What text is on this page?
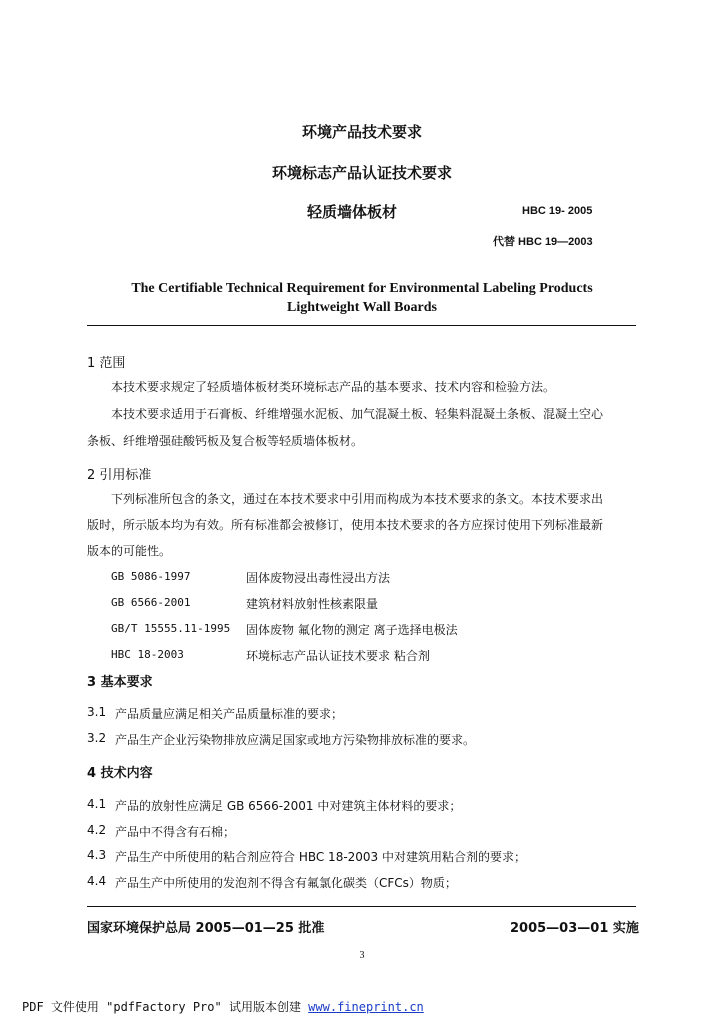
环境产品技术要求
环境标志产品认证技术要求
轻质墙体板材	HBC 19- 2005
代替 HBC 19—2003
The Certifiable Technical Requirement for Environmental Labeling Products
Lightweight Wall Boards
1 范围
本技术要求规定了轻质墙体板材类环境标志产品的基本要求、技术内容和检验方法。
本技术要求适用于石膏板、纤维增强水泥板、加气混凝土板、轻集料混凝土条板、混凝土空心
条板、纤维增强硅酸钙板及复合板等轻质墙体板材。
2 引用标准
下列标准所包含的条文，通过在本技术要求中引用而构成为本技术要求的条文。本技术要求出
版时，所示版本均为有效。所有标准都会被修订，使用本技术要求的各方应探讨使用下列标准最新
版本的可能性。
GB 5086-1997	固体废物浸出毒性浸出方法
GB 6566-2001	建筑材料放射性核素限量
GB/T 15555.11-1995 固体废物 氟化物的测定 离子选择电极法
HBC 18-2003	环境标志产品认证技术要求 粘合剂
3 基本要求
3.1 产品质量应满足相关产品质量标准的要求；
3.2 产品生产企业污染物排放应满足国家或地方污染物排放标准的要求。
4 技术内容
4.1 产品的放射性应满足 GB 6566-2001 中对建筑主体材料的要求；
4.2 产品中不得含有石棉；
4.3 产品生产中所使用的粘合剂应符合 HBC 18-2003 中对建筑用粘合剂的要求；
4.4 产品生产中所使用的发泡剂不得含有氟氯化碳类（CFCs）物质；
国家环境保护总局 2005—01—25 批准	2005—03—01 实施
3
PDF 文件使用 "pdfFactory Pro" 试用版本创建 www.fineprint.cn
